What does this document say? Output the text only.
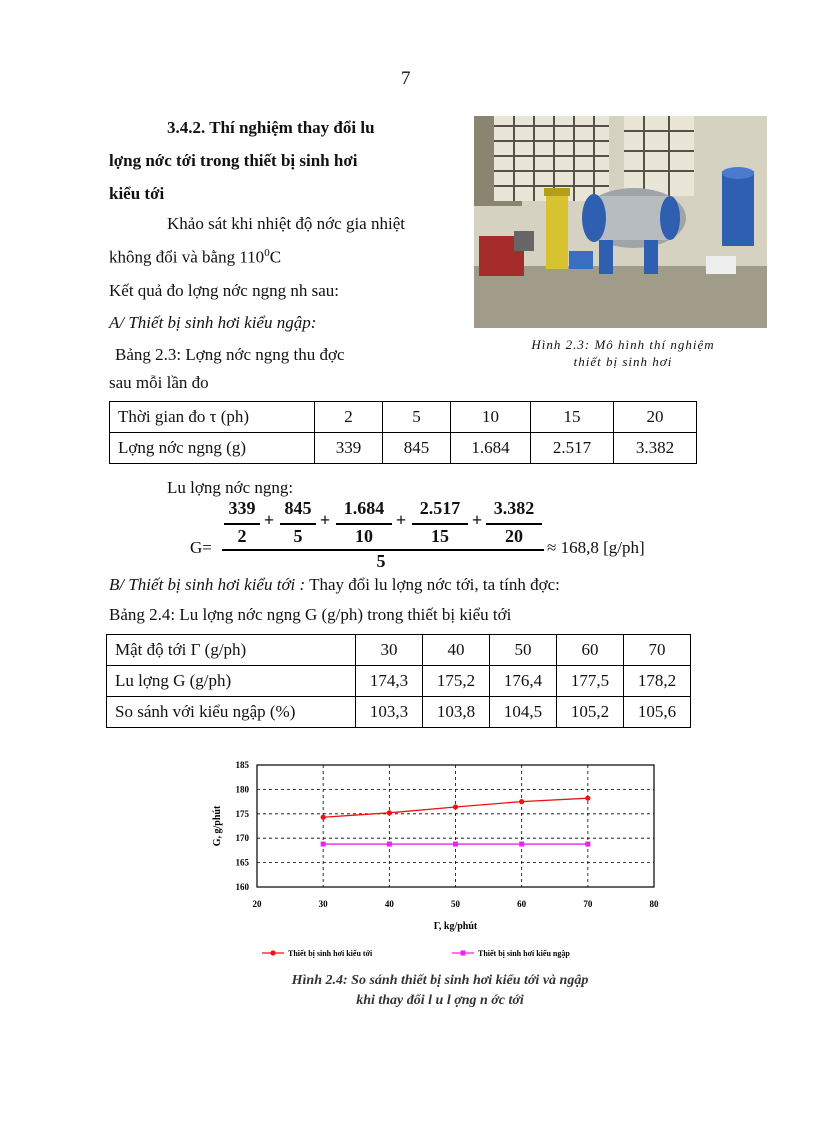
7
3.4.2. Thí nghiệm thay đổi lu
lợng nớc tới trong thiết bị sinh hơi
kiểu tới
Khảo sát khi nhiệt độ nớc gia nhiệt
không đổi và bằng $110^0C$
Kết quả đo lợng nớc ngng nh sau:
A/ Thiết bị sinh hơi kiểu ngập:
Bảng 2.3: Lợng nớc ngng thu đợc
sau mỗi lần đo
Hình 2.3: Mô hình thí nghiệm
thiết bị sinh hơi
Thời gian đo τ (ph)	2	5	10	15	20
Lợng nớc ngng (g)	339	845	1.684	2.517	3.382
Lu lợng nớc ngng:
G=
339
2
+
845
5
+
1.684
10
+
2.517
15
+
3.382
20
5
≈ 168,8 [g/ph]
B/ Thiết bị sinh hơi kiểu tới : Thay đổi lu lợng nớc tới, ta tính đợc:
Bảng 2.4: Lu lợng nớc ngng G (g/ph) trong thiết bị kiểu tới
Mật độ tới Γ (g/ph)	30	40	50	60	70
Lu lợng G (g/ph)	174,3	175,2	176,4	177,5	178,2
So sánh với kiểu ngập (%)	103,3	103,8	104,5	105,2	105,6
20	30	40	50	60	70	80
160
165
170
175
180
185
Γ, kg/phút
G, g/phút
Thiết bị sinh hơi kiểu tới	Thiết bị sinh hơi kiểu ngập
Hình 2.4: So sánh thiết bị sinh hơi kiểu tới và ngập
khi thay đổi l u l ợng n ớc tới
